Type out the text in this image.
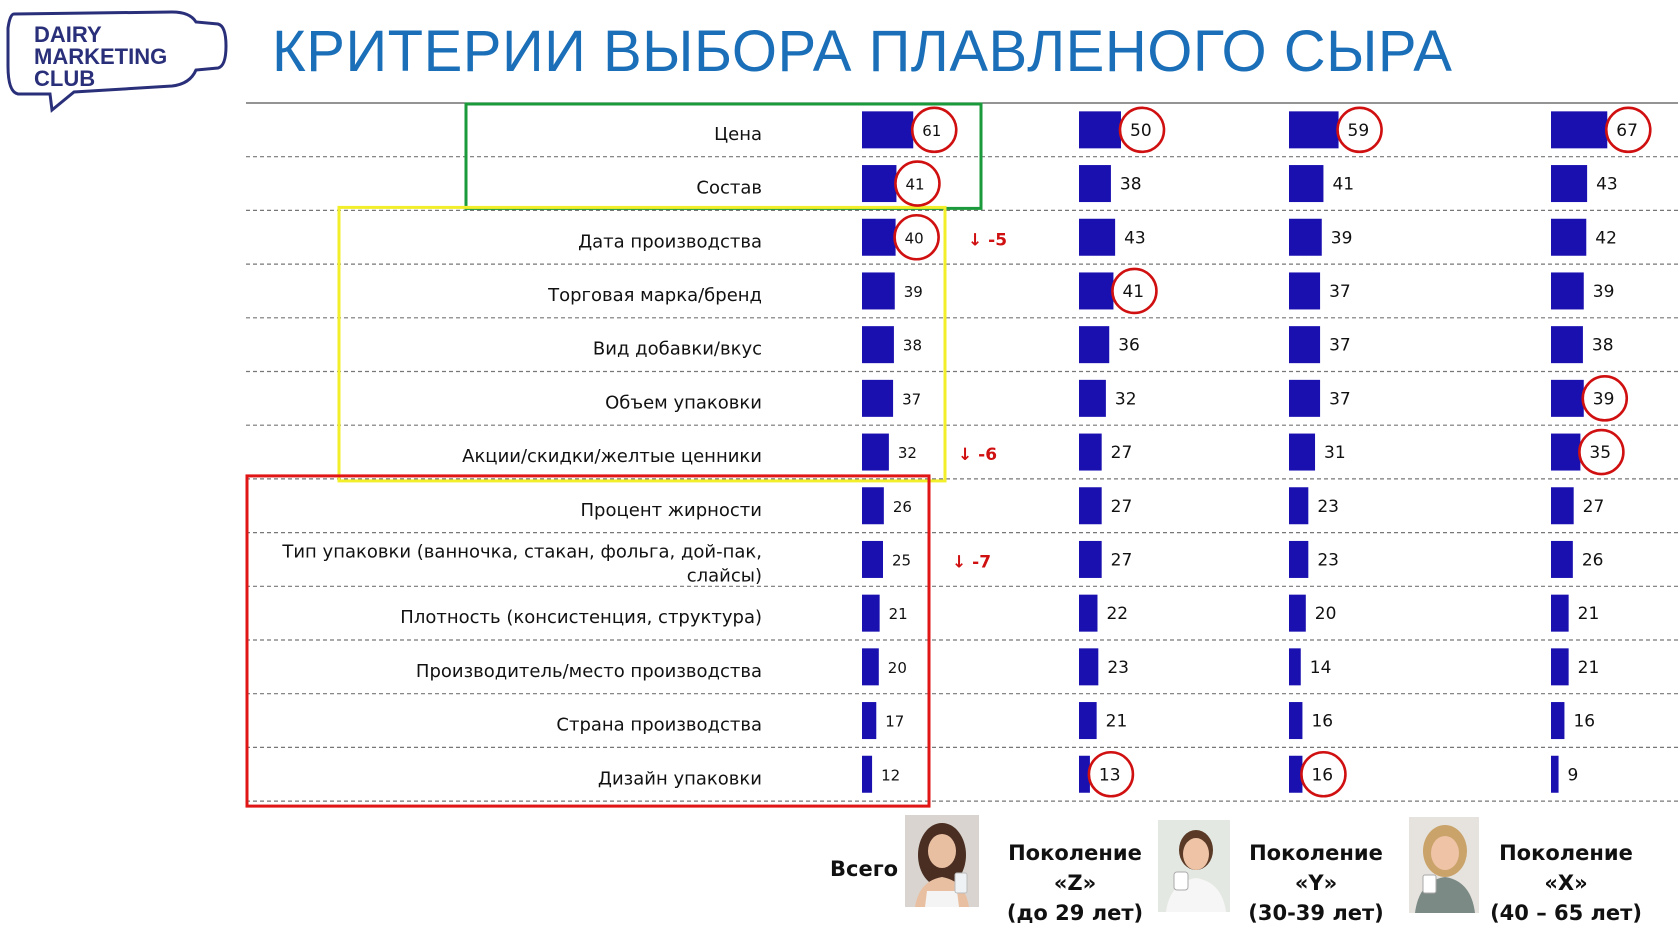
DAIRY
MARKETING
CLUB	КРИТЕРИИ ВЫБОРА ПЛАВЛЕНОГО СЫРА
Цена
Состав
Дата производства
Торговая марка/бренд
Вид добавки/вкус
Объем упаковки
Акции/скидки/желтые ценники
Процент жирности
Тип упаковки (ванночка, стакан, фольга, дой-пак, слайсы)
Плотность (консистенция, структура)
Производитель/место производства
Страна производства
Дизайн упаковки
61
41
40
39
38
37
32
26
25
21
20
17
12
50
38
43
41
36
32
27
27
27
22
23
21
13
59
41
39
37
37
37
31
23
23
20
14
16
16
67
43
42
39
38
39
35
27
26
21
21
16
9
↓ -5
↓ -6
↓ -7
Всего
Поколение «Z»
(до 29 лет)
Поколение «Y»
(30-39 лет)
Поколение «X»
(40 – 65 лет)
